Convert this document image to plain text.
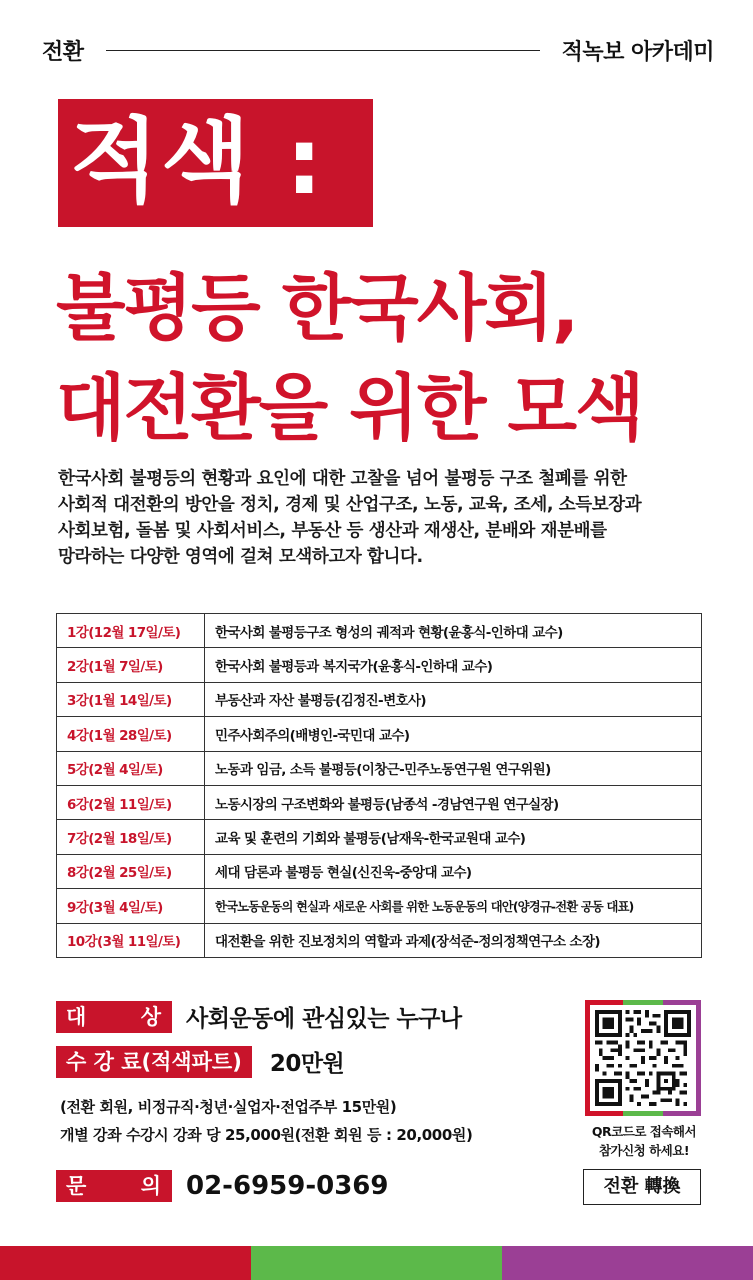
전환	적녹보 아카데미
적색 :
불평등 한국사회,
대전환을 위한 모색

한국사회 불평등의 현황과 요인에 대한 고찰을 넘어 불평등 구조 철폐를 위한

사회적 대전환의 방안을 정치, 경제 및 산업구조, 노동, 교육, 조세, 소득보장과

사회보험, 돌봄 및 사회서비스, 부동산 등 생산과 재생산, 분배와 재분배를

망라하는 다양한 영역에 걸쳐 모색하고자 합니다.

1강(12월 17일/토)	한국사회 불평등구조 형성의 궤적과 현황(윤홍식-인하대 교수)
2강(1월 7일/토)	한국사회 불평등과 복지국가(윤홍식-인하대 교수)
3강(1월 14일/토)	부동산과 자산 불평등(김정진-변호사)
4강(1월 28일/토)	민주사회주의(배병인-국민대 교수)
5강(2월 4일/토)	노동과 임금, 소득 불평등(이창근-민주노동연구원 연구위원)
6강(2월 11일/토)	노동시장의 구조변화와 불평등(남종석 -경남연구원 연구실장)
7강(2월 18일/토)	교육 및 훈련의 기회와 불평등(남재욱-한국교원대 교수)
8강(2월 25일/토)	세대 담론과 불평등 현실(신진욱-중앙대 교수)
9강(3월 4일/토)	한국노동운동의 현실과 새로운 사회를 위한 노동운동의 대안(양경규-전환 공동 대표)
10강(3월 11일/토)	대전환을 위한 진보정치의 역할과 과제(장석준-정의정책연구소 소장)
대	상 사회운동에 관심있는 누구나
수 강 료(적색파트)	20만원
(전환 회원, 비정규직·청년·실업자·전업주부 15만원)
개별 강좌 수강시 강좌 당 25,000원(전환 회원 등 : 20,000원)
문	의 02-6959-0369
QR코드로 접속해서
참가신청 하세요!
전환 轉換
